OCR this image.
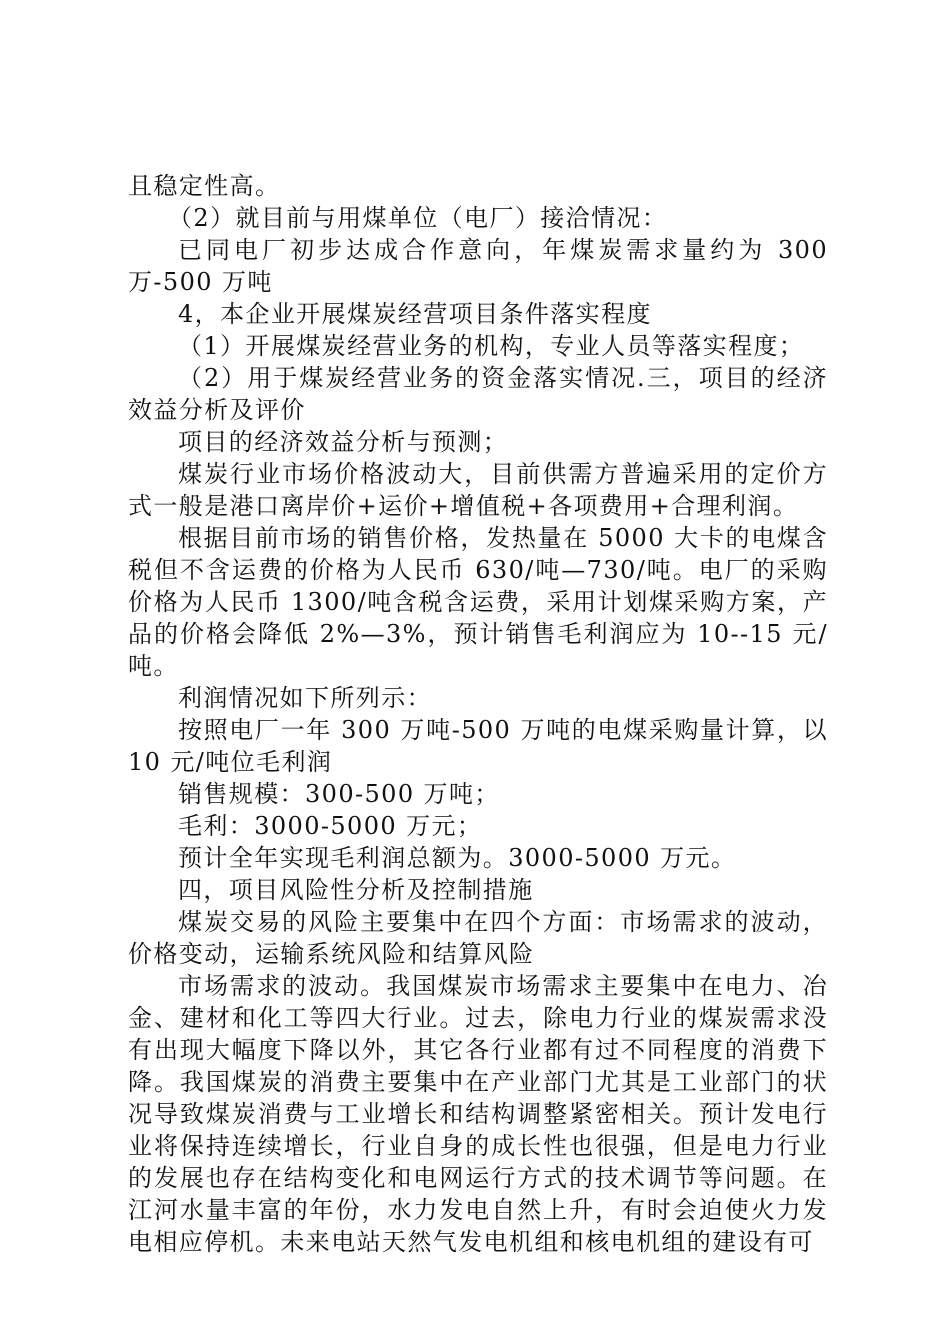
且稳定性高。

（2）就目前与用煤单位（电厂）接洽情况：

已同电厂初步达成合作意向，年煤炭需求量约为 300 万-500 万吨

4，本企业开展煤炭经营项目条件落实程度

（1）开展煤炭经营业务的机构，专业人员等落实程度；

（2）用于煤炭经营业务的资金落实情况.三，项目的经济效益分析及评价

项目的经济效益分析与预测；

煤炭行业市场价格波动大，目前供需方普遍采用的定价方式一般是港口离岸价+运价+增值税+各项费用+合理利润。

根据目前市场的销售价格，发热量在 5000 大卡的电煤含税但不含运费的价格为人民币 630/吨—730/吨。电厂的采购价格为人民币 1300/吨含税含运费，采用计划煤采购方案，产品的价格会降低 2%—3%，预计销售毛利润应为 10--15 元/吨。

利润情况如下所列示：

按照电厂一年 300 万吨-500 万吨的电煤采购量计算，以 10 元/吨位毛利润

销售规模：300-500 万吨；

毛利：3000-5000 万元；

预计全年实现毛利润总额为。3000-5000 万元。

四，项目风险性分析及控制措施

煤炭交易的风险主要集中在四个方面：市场需求的波动，价格变动，运输系统风险和结算风险

市场需求的波动。我国煤炭市场需求主要集中在电力、冶金、建材和化工等四大行业。过去，除电力行业的煤炭需求没有出现大幅度下降以外，其它各行业都有过不同程度的消费下降。我国煤炭的消费主要集中在产业部门尤其是工业部门的状况导致煤炭消费与工业增长和结构调整紧密相关。预计发电行业将保持连续增长，行业自身的成长性也很强，但是电力行业的发展也存在结构变化和电网运行方式的技术调节等问题。在江河水量丰富的年份，水力发电自然上升，有时会迫使火力发电相应停机。未来电站天然气发电机组和核电机组的建设有可
